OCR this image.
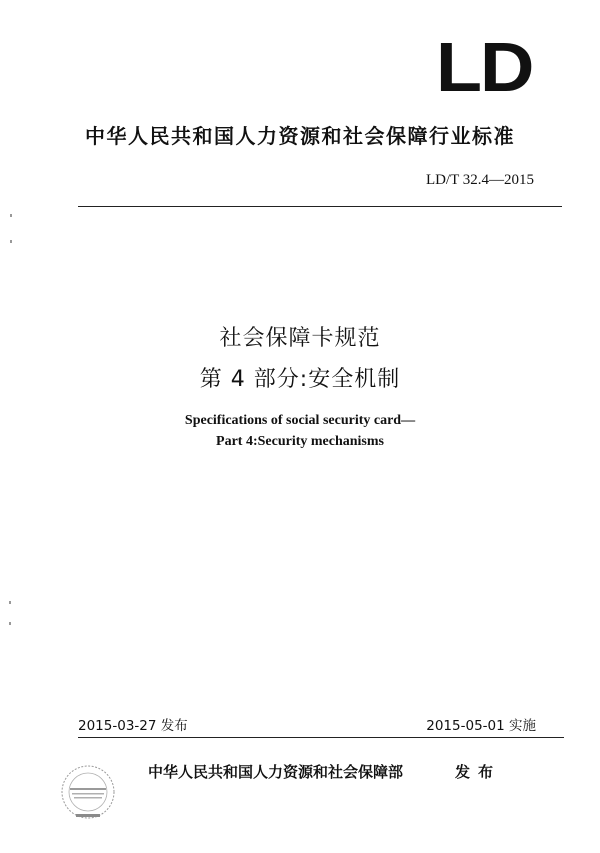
LD
中华人民共和国人力资源和社会保障行业标准
LD/T 32.4—2015
社会保障卡规范
第 4 部分:安全机制
Specifications of social security card—
Part 4:Security mechanisms
2015-03-27 发布	2015-05-01 实施
中华人民共和国人力资源和社会保障部	发布
